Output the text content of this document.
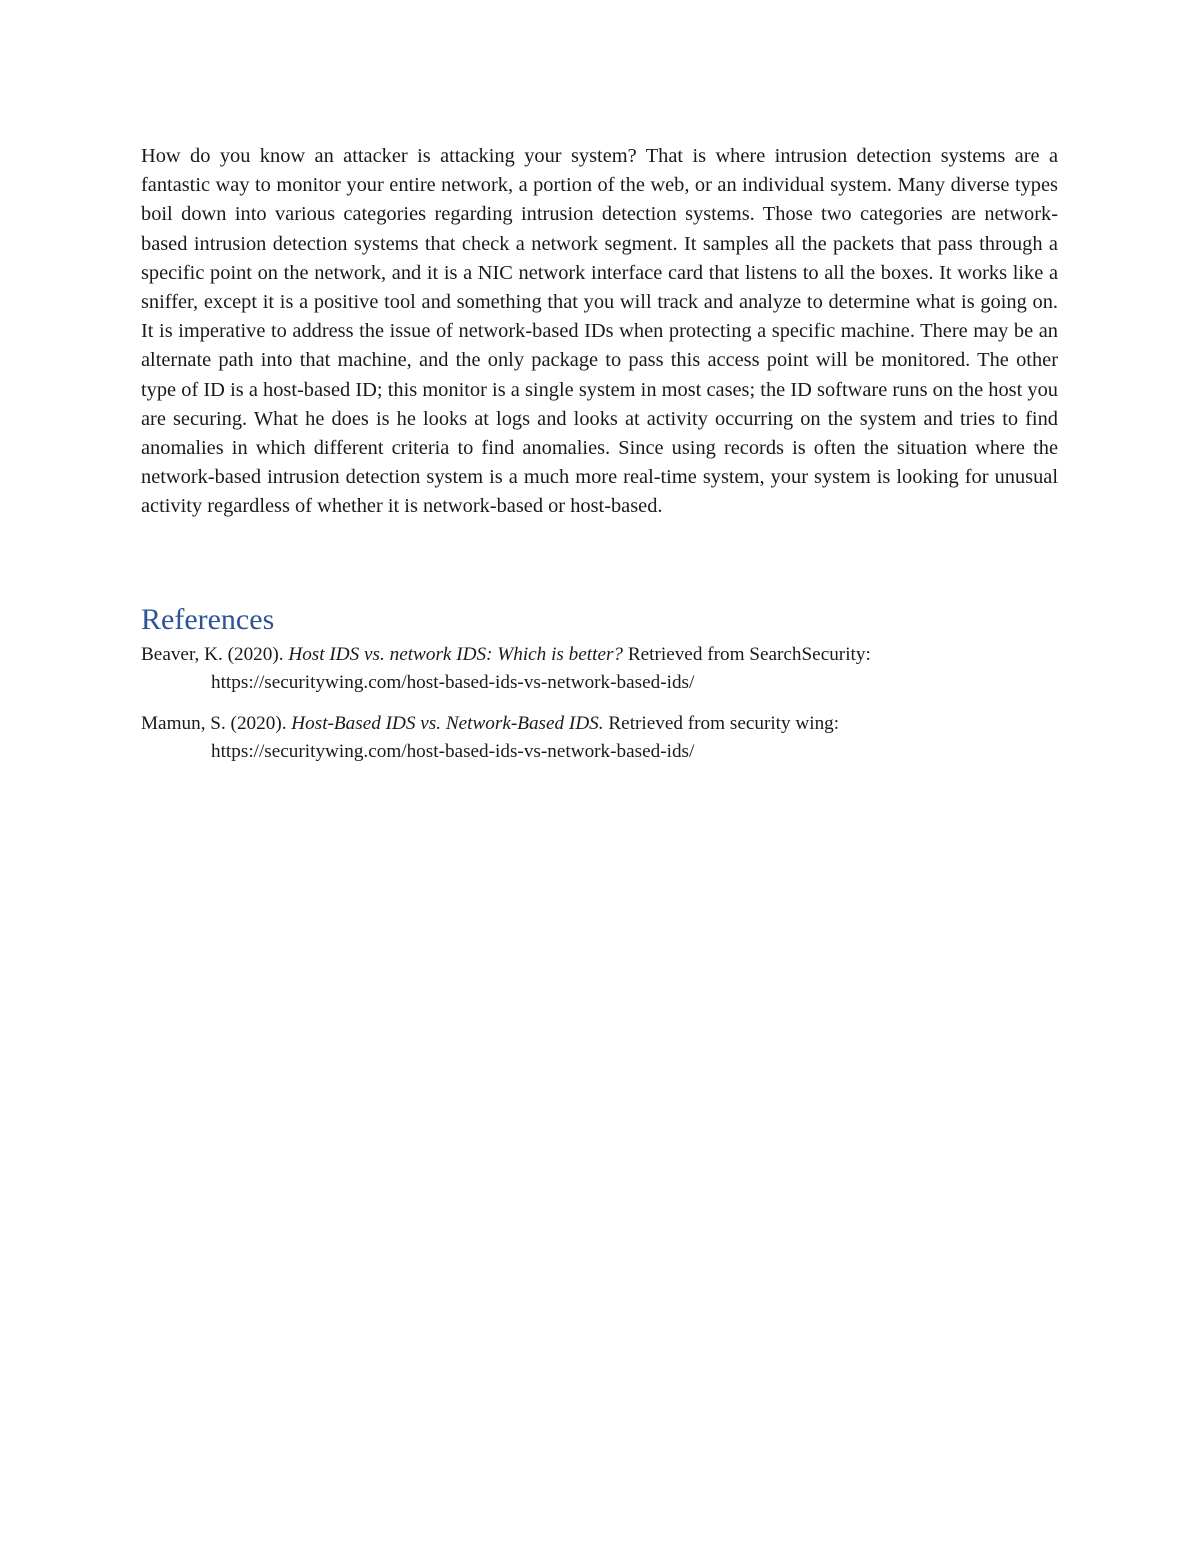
How do you know an attacker is attacking your system? That is where intrusion detection systems are a fantastic way to monitor your entire network, a portion of the web, or an individual system. Many diverse types boil down into various categories regarding intrusion detection systems. Those two categories are network-based intrusion detection systems that check a network segment. It samples all the packets that pass through a specific point on the network, and it is a NIC network interface card that listens to all the boxes. It works like a sniffer, except it is a positive tool and something that you will track and analyze to determine what is going on. It is imperative to address the issue of network-based IDs when protecting a specific machine. There may be an alternate path into that machine, and the only package to pass this access point will be monitored. The other type of ID is a host-based ID; this monitor is a single system in most cases; the ID software runs on the host you are securing. What he does is he looks at logs and looks at activity occurring on the system and tries to find anomalies in which different criteria to find anomalies. Since using records is often the situation where the network-based intrusion detection system is a much more real-time system, your system is looking for unusual activity regardless of whether it is network-based or host-based.

References
Beaver, K. (2020). Host IDS vs. network IDS: Which is better? Retrieved from SearchSecurity: https://securitywing.com/host-based-ids-vs-network-based-ids/
Mamun, S. (2020). Host-Based IDS vs. Network-Based IDS. Retrieved from security wing: https://securitywing.com/host-based-ids-vs-network-based-ids/
